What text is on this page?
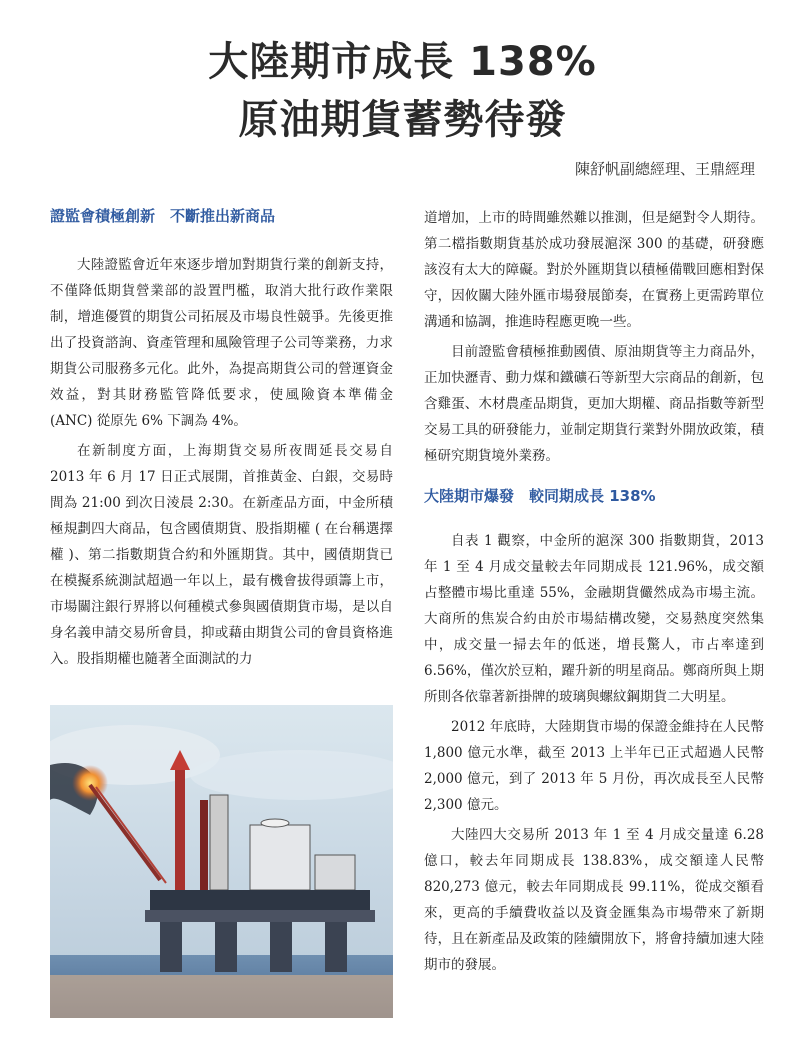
大陸期市成長 138%
原油期貨蓄勢待發
陳舒帆副總經理、王鼎經理
證監會積極創新　不斷推出新商品

大陸證監會近年來逐步增加對期貨行業的創新支持，不僅降低期貨營業部的設置門檻，取消大批行政作業限制，增進優質的期貨公司拓展及市場良性競爭。先後更推出了投資諮詢、資產管理和風險管理子公司等業務，力求期貨公司服務多元化。此外，為提高期貨公司的營運資金效益，對其財務監管降低要求，使風險資本準備金 (ANC) 從原先 6% 下調為 4%。

在新制度方面，上海期貨交易所夜間延長交易自 2013 年 6 月 17 日正式展開，首推黃金、白銀，交易時間為 21:00 到次日淩晨 2:30。在新產品方面，中金所積極規劃四大商品，包含國債期貨、股指期權 ( 在台稱選擇權 )、第二指數期貨合約和外匯期貨。其中，國債期貨已在模擬系統測試超過一年以上，最有機會拔得頭籌上市，市場關注銀行界將以何種模式參與國債期貨市場，是以自身名義申請交易所會員，抑或藉由期貨公司的會員資格進入。股指期權也隨著全面測試的力

道增加，上市的時間雖然難以推測，但是絕對令人期待。第二檔指數期貨基於成功發展滬深 300 的基礎，研發應該沒有太大的障礙。對於外匯期貨以積極備戰回應相對保守，因攸關大陸外匯市場發展節奏，在實務上更需跨單位溝通和協調，推進時程應更晚一些。

目前證監會積極推動國債、原油期貨等主力商品外，正加快瀝青、動力煤和鐵礦石等新型大宗商品的創新，包含雞蛋、木材農產品期貨，更加大期權、商品指數等新型交易工具的研發能力，並制定期貨行業對外開放政策，積極研究期貨境外業務。

大陸期市爆發　較同期成長 138%

自表 1 觀察，中金所的滬深 300 指數期貨，2013 年 1 至 4 月成交量較去年同期成長 121.96%，成交額占整體市場比重達 55%，金融期貨儼然成為市場主流。大商所的焦炭合約由於市場結構改變，交易熱度突然集中，成交量一掃去年的低迷，增長驚人，市占率達到 6.56%，僅次於豆粕，躍升新的明星商品。鄭商所與上期所則各依靠著新掛牌的玻璃與螺紋鋼期貨二大明星。

2012 年底時，大陸期貨市場的保證金維持在人民幣 1,800 億元水準，截至 2013 上半年已正式超過人民幣 2,000 億元，到了 2013 年 5 月份，再次成長至人民幣 2,300 億元。

大陸四大交易所 2013 年 1 至 4 月成交量達 6.28 億口，較去年同期成長 138.83%，成交額達人民幣 820,273 億元，較去年同期成長 99.11%，從成交額看來，更高的手續費收益以及資金匯集為市場帶來了新期待，且在新產品及政策的陸續開放下，將會持續加速大陸期市的發展。
